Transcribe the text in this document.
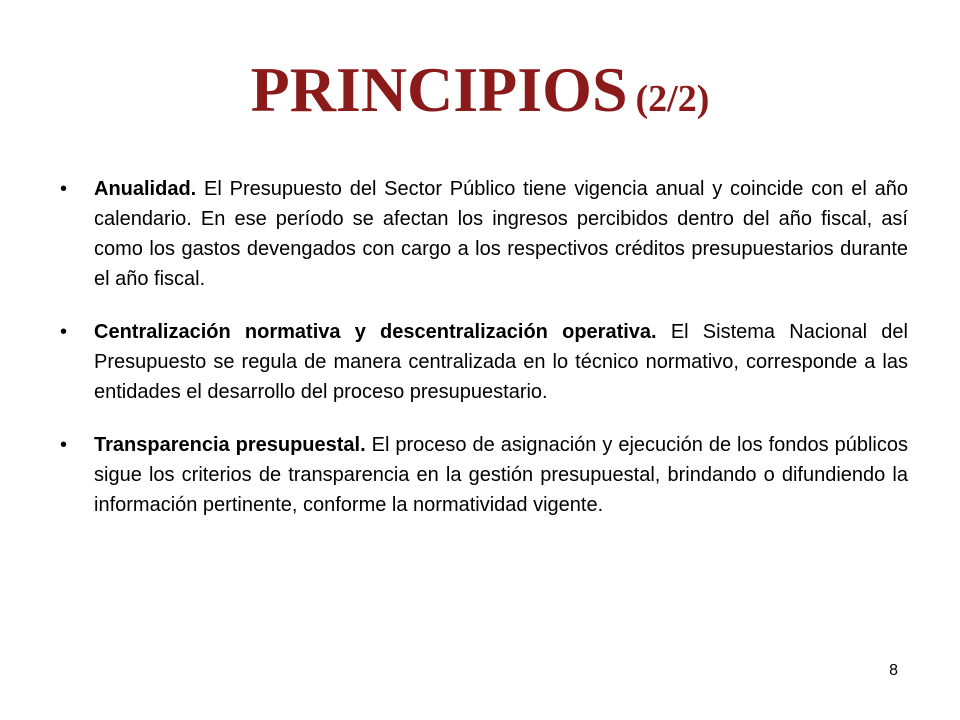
PRINCIPIOS (2/2)
•	Anualidad. El Presupuesto del Sector Público tiene vigencia anual y coincide con el año calendario. En ese período se afectan los ingresos percibidos dentro del año fiscal, así como los gastos devengados con cargo a los respectivos créditos presupuestarios durante el año fiscal.
•	Centralización normativa y descentralización operativa. El Sistema Nacional del Presupuesto se regula de manera centralizada en lo técnico normativo, corresponde a las entidades el desarrollo del proceso presupuestario.
•	Transparencia presupuestal. El proceso de asignación y ejecución de los fondos públicos sigue los criterios de transparencia en la gestión presupuestal, brindando o difundiendo la información pertinente, conforme la normatividad vigente.
8
